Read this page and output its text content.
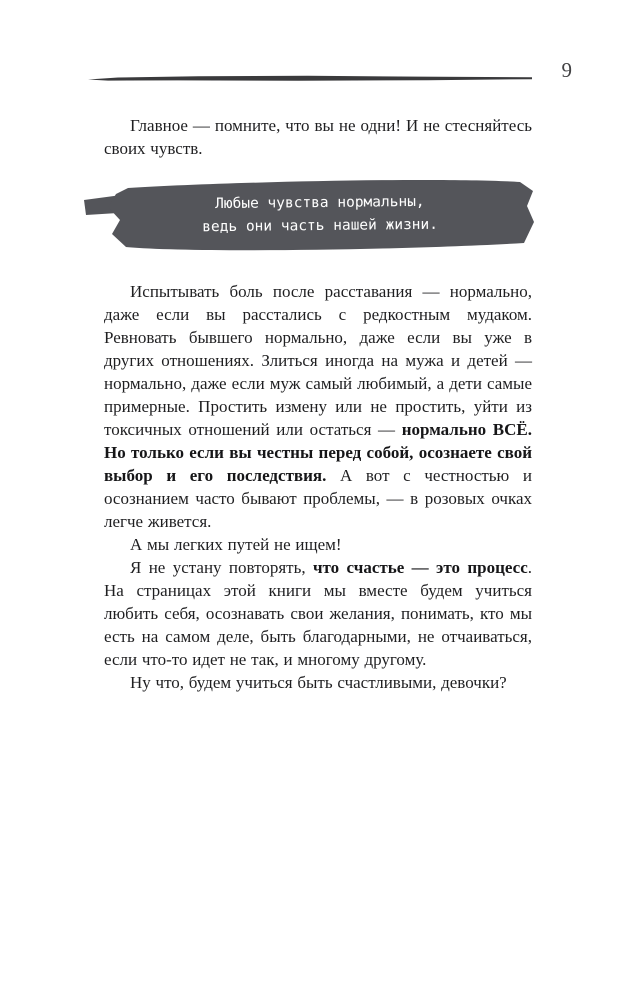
9

Главное — помните, что вы не одни! И не стесняйтесь своих чувств.

Любые чувства нормальны,
ведь они часть нашей жизни.

Испытывать боль после расставания — нормально, даже если вы расстались с редкостным мудаком. Ревновать бывшего нормально, даже если вы уже в других отношениях. Злиться иногда на мужа и детей — нормально, даже если муж самый любимый, а дети самые примерные. Простить измену или не простить, уйти из токсичных отношений или остаться — нормально ВСЁ. Но только если вы честны перед собой, осознаете свой выбор и его последствия. А вот с честностью и осознанием часто бывают проблемы, — в розовых очках легче живется.

А мы легких путей не ищем!

Я не устану повторять, что счастье — это процесс. На страницах этой книги мы вместе будем учиться любить себя, осознавать свои желания, понимать, кто мы есть на самом деле, быть благодарными, не отчаиваться, если что-то идет не так, и многому другому.

Ну что, будем учиться быть счастливыми, девочки?
